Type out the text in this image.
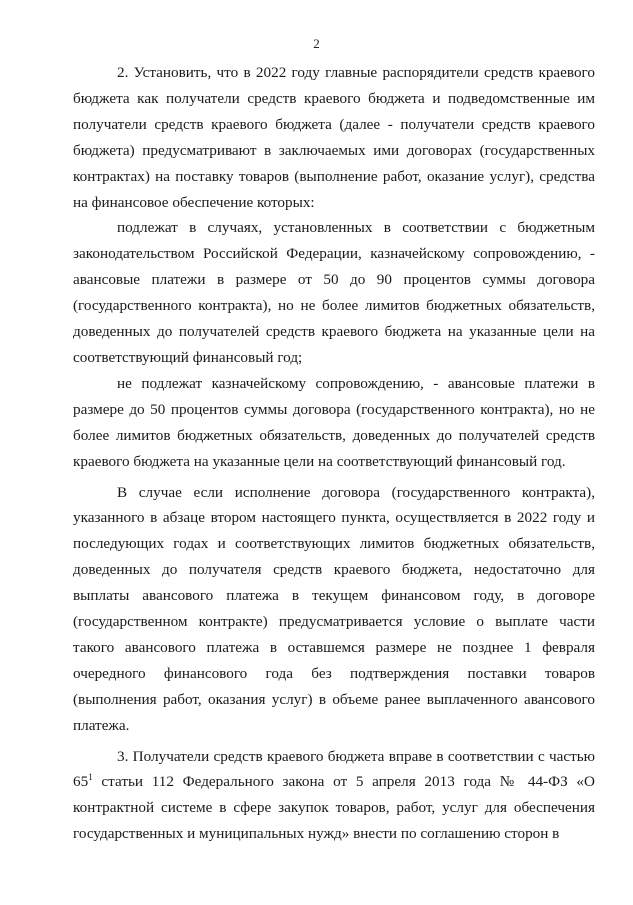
2

2. Установить, что в 2022 году главные распорядители средств краевого бюджета как получатели средств краевого бюджета и подведомственные им получатели средств краевого бюджета (далее - получатели средств краевого бюджета) предусматривают в заключаемых ими договорах (государственных контрактах) на поставку товаров (выполнение работ, оказание услуг), средства на финансовое обеспечение которых:

подлежат в случаях, установленных в соответствии с бюджетным законодательством Российской Федерации, казначейскому сопровождению, - авансовые платежи в размере от 50 до 90 процентов суммы договора (государственного контракта), но не более лимитов бюджетных обязательств, доведенных до получателей средств краевого бюджета на указанные цели на соответствующий финансовый год;

не подлежат казначейскому сопровождению, - авансовые платежи в размере до 50 процентов суммы договора (государственного контракта), но не более лимитов бюджетных обязательств, доведенных до получателей средств краевого бюджета на указанные цели на соответствующий финансовый год.

В случае если исполнение договора (государственного контракта), указанного в абзаце втором настоящего пункта, осуществляется в 2022 году и последующих годах и соответствующих лимитов бюджетных обязательств, доведенных до получателя средств краевого бюджета, недостаточно для выплаты авансового платежа в текущем финансовом году, в договоре (государственном контракте) предусматривается условие о выплате части такого авансового платежа в оставшемся размере не позднее 1 февраля очередного финансового года без подтверждения поставки товаров (выполнения работ, оказания услуг) в объеме ранее выплаченного авансового платежа.

3. Получатели средств краевого бюджета вправе в соответствии с частью $65^1$ статьи 112 Федерального закона от 5 апреля 2013 года № 44-ФЗ «О контрактной системе в сфере закупок товаров, работ, услуг для обеспечения государственных и муниципальных нужд» внести по соглашению сторон в
